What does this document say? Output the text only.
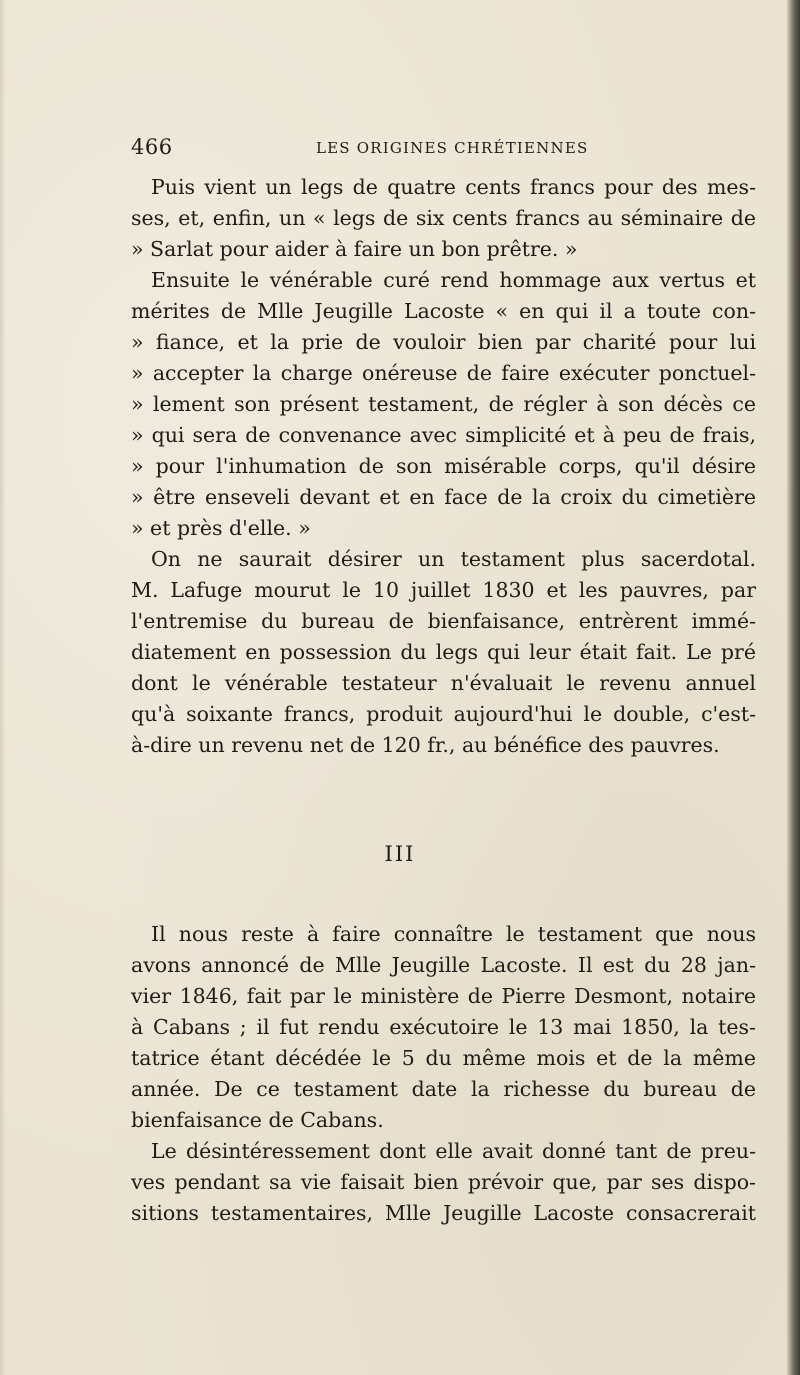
466	LES ORIGINES CHRÉTIENNES
Puis vient un legs de quatre cents francs pour des mes-
ses, et, enfin, un « legs de six cents francs au séminaire de
» Sarlat pour aider à faire un bon prêtre. »
Ensuite le vénérable curé rend hommage aux vertus et
mérites de Mlle Jeugille Lacoste « en qui il a toute con-
» fiance, et la prie de vouloir bien par charité pour lui
» accepter la charge onéreuse de faire exécuter ponctuel-
» lement son présent testament, de régler à son décès ce
» qui sera de convenance avec simplicité et à peu de frais,
» pour l'inhumation de son misérable corps, qu'il désire
» être enseveli devant et en face de la croix du cimetière
» et près d'elle. »
On ne saurait désirer un testament plus sacerdotal.
M. Lafuge mourut le 10 juillet 1830 et les pauvres, par
l'entremise du bureau de bienfaisance, entrèrent immé-
diatement en possession du legs qui leur était fait. Le pré
dont le vénérable testateur n'évaluait le revenu annuel
qu'à soixante francs, produit aujourd'hui le double, c'est-
à-dire un revenu net de 120 fr., au bénéfice des pauvres.
III
Il nous reste à faire connaître le testament que nous
avons annoncé de Mlle Jeugille Lacoste. Il est du 28 jan-
vier 1846, fait par le ministère de Pierre Desmont, notaire
à Cabans ; il fut rendu exécutoire le 13 mai 1850, la tes-
tatrice étant décédée le 5 du même mois et de la même
année. De ce testament date la richesse du bureau de
bienfaisance de Cabans.
Le désintéressement dont elle avait donné tant de preu-
ves pendant sa vie faisait bien prévoir que, par ses dispo-
sitions testamentaires, Mlle Jeugille Lacoste consacrerait
